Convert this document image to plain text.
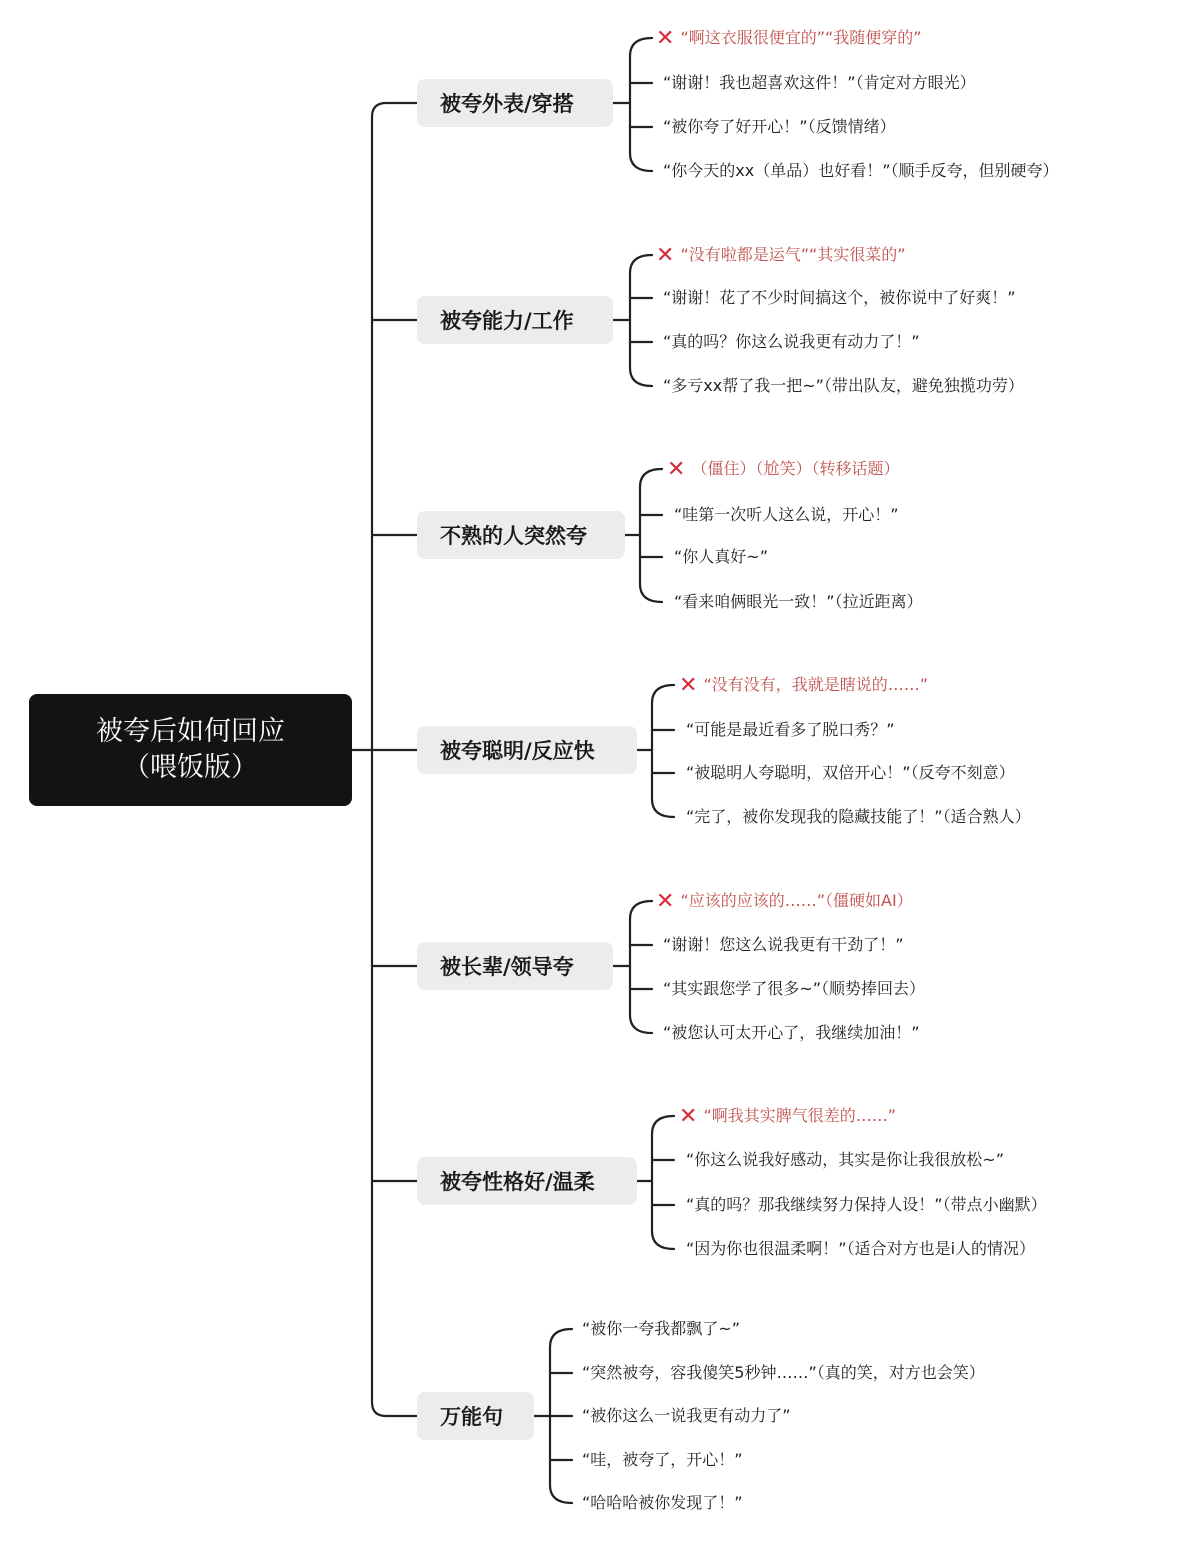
被夸后如何回应
（喂饭版）
被夸外表/穿搭
✕ “啊这衣服很便宜的”“我随便穿的”
“谢谢！我也超喜欢这件！”（肯定对方眼光）
“被你夸了好开心！”（反馈情绪）
“你今天的xx（单品）也好看！”（顺手反夸，但别硬夸）
被夸能力/工作
✕ “没有啦都是运气”“其实很菜的”
“谢谢！花了不少时间搞这个，被你说中了好爽！”
“真的吗？你这么说我更有动力了！”
“多亏xx帮了我一把~”（带出队友，避免独揽功劳）
不熟的人突然夸
✕ （僵住）（尬笑）（转移话题）
“哇第一次听人这么说，开心！”
“你人真好~”
“看来咱俩眼光一致！”（拉近距离）
被夸聪明/反应快
✕ “没有没有，我就是瞎说的……”
“可能是最近看多了脱口秀？”
“被聪明人夸聪明，双倍开心！”（反夸不刻意）
“完了，被你发现我的隐藏技能了！”（适合熟人）
被长辈/领导夸
✕ “应该的应该的……”（僵硬如AI）
“谢谢！您这么说我更有干劲了！”
“其实跟您学了很多~”（顺势捧回去）
“被您认可太开心了，我继续加油！”
被夸性格好/温柔
✕ “啊我其实脾气很差的……”
“你这么说我好感动，其实是你让我很放松~”
“真的吗？那我继续努力保持人设！”（带点小幽默）
“因为你也很温柔啊！”（适合对方也是i人的情况）
万能句
“被你一夸我都飘了~”
“突然被夸，容我傻笑5秒钟……”（真的笑，对方也会笑）
“被你这么一说我更有动力了”
“哇，被夸了，开心！”
“哈哈哈被你发现了！”
